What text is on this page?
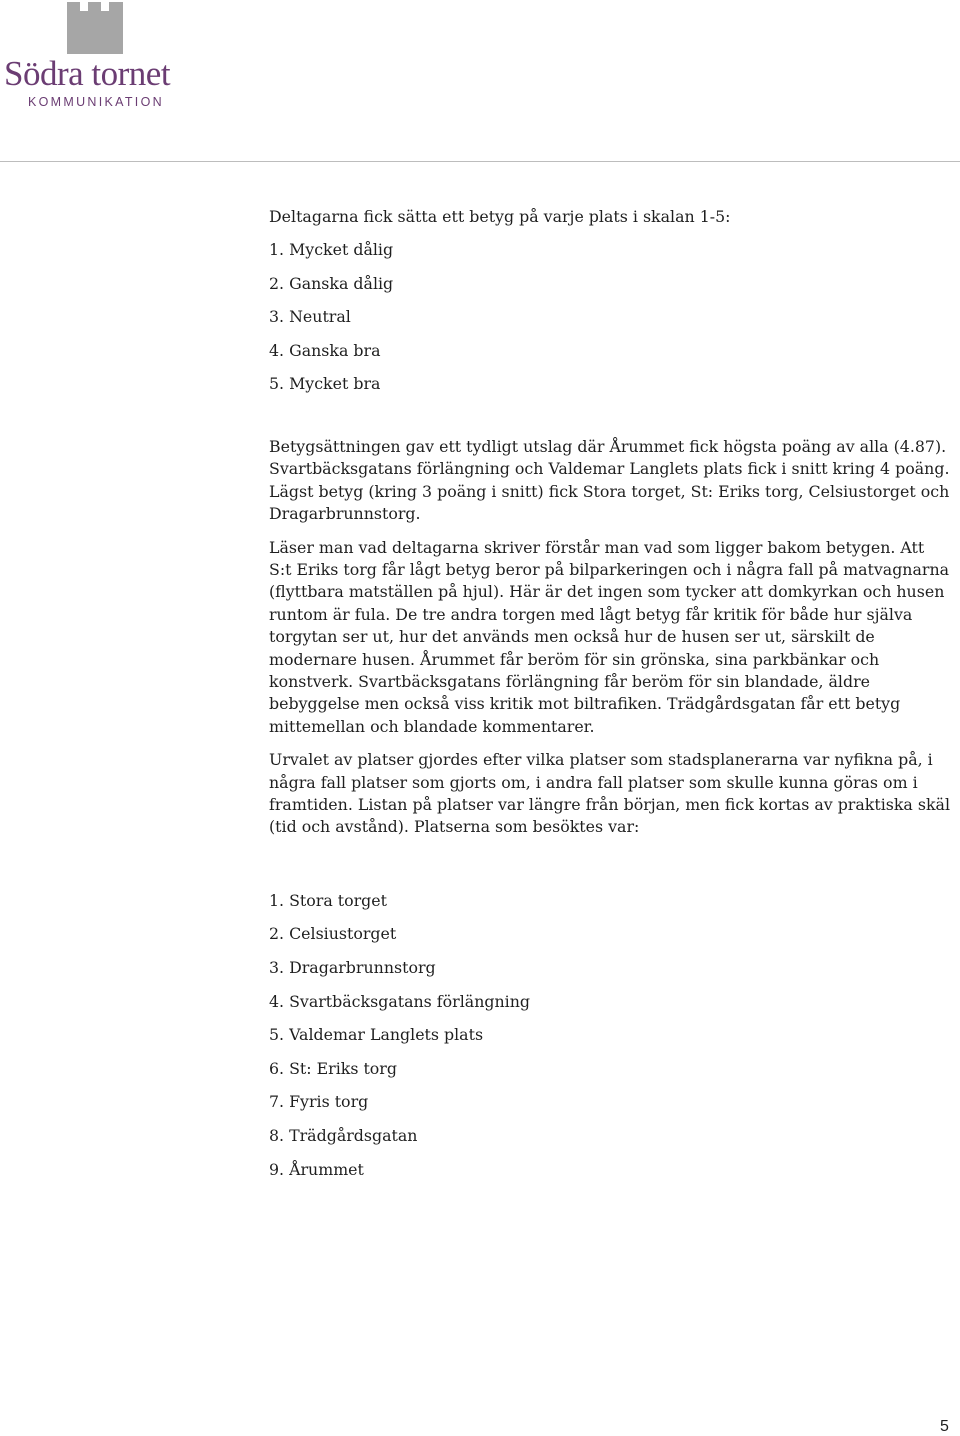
Södra tornet
KOMMUNIKATION

Deltagarna fick sätta ett betyg på varje plats i skalan 1-5:

1. Mycket dålig
2. Ganska dålig
3. Neutral
4. Ganska bra
5. Mycket bra

Betygsättningen gav ett tydligt utslag där Årummet fick högsta poäng av alla (4.87). Svartbäcksgatans förlängning och Valdemar Langlets plats fick i snitt kring 4 poäng. Lägst betyg (kring 3 poäng i snitt) fick Stora torget, St: Eriks torg, Celsiustorget och Dragarbrunnstorg.

Läser man vad deltagarna skriver förstår man vad som ligger bakom betygen. Att S:t Eriks torg får lågt betyg beror på bilparkeringen och i några fall på matvagnarna (flyttbara matställen på hjul). Här är det ingen som tycker att domkyrkan och husen runtom är fula. De tre andra torgen med lågt betyg får kritik för både hur själva torgytan ser ut, hur det används men också hur de husen ser ut, särskilt de modernare husen. Årummet får beröm för sin grönska, sina parkbänkar och konstverk. Svartbäcksgatans förlängning får beröm för sin blandade, äldre bebyggelse men också viss kritik mot biltrafiken. Trädgårdsgatan får ett betyg mittemellan och blandade kommentarer.

Urvalet av platser gjordes efter vilka platser som stadsplanerarna var nyfikna på, i några fall platser som gjorts om, i andra fall platser som skulle kunna göras om i framtiden. Listan på platser var längre från början, men fick kortas av praktiska skäl (tid och avstånd). Platserna som besöktes var:

1. Stora torget
2. Celsiustorget
3. Dragarbrunnstorg
4. Svartbäcksgatans förlängning
5. Valdemar Langlets plats
6. St: Eriks torg
7. Fyris torg
8. Trädgårdsgatan
9. Årummet
5
